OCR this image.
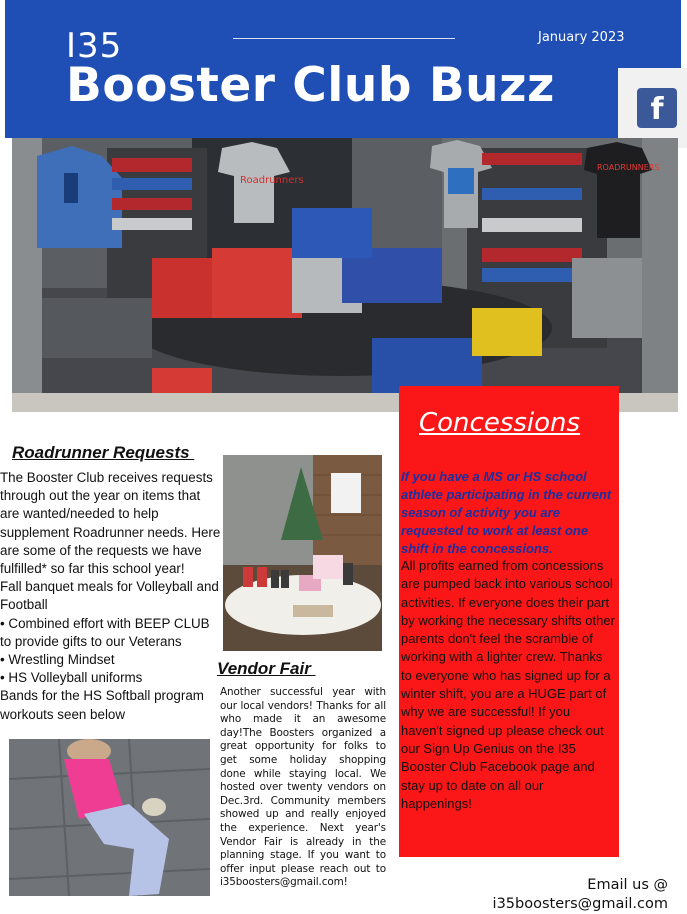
I35
Booster Club Buzz
January 2023
f
Roadrunners
ROADRUNNERS
Roadrunner Requests

The Booster Club receives requests through out the year on items that are wanted/needed to help supplement Roadrunner needs. Here are some of the requests we have fulfilled* so far this school year!

Fall banquet meals for Volleyball and Football

• Combined effort with BEEP CLUB to provide gifts to our Veterans

• Wrestling Mindset

• HS Volleyball uniforms

Bands for the HS Softball program workouts seen below

Vendor Fair
Another successful year with our local vendors! Thanks for all who made it an awesome day!The Boosters organized a great opportunity for folks to get some holiday shopping done while staying local. We hosted over twenty vendors on Dec.3rd. Community members showed up and really enjoyed the experience. Next year's Vendor Fair is already in the planning stage. If you want to offer input please reach out to i35boosters@gmail.com!
Concessions
If you have a MS or HS school athlete participating in the current season of activity you are requested to work at least one shift in the concessions.
All profits earned from concessions are pumped back into various school activities. If everyone does their part by working the necessary shifts other parents don't feel the scramble of working with a lighter crew. Thanks to everyone who has signed up for a winter shift, you are a HUGE part of why we are successful! If you haven't signed up please check out our Sign Up Genius on the I35 Booster Club Facebook page and stay up to date on all our happenings!
Email us @
i35boosters@gmail.com
